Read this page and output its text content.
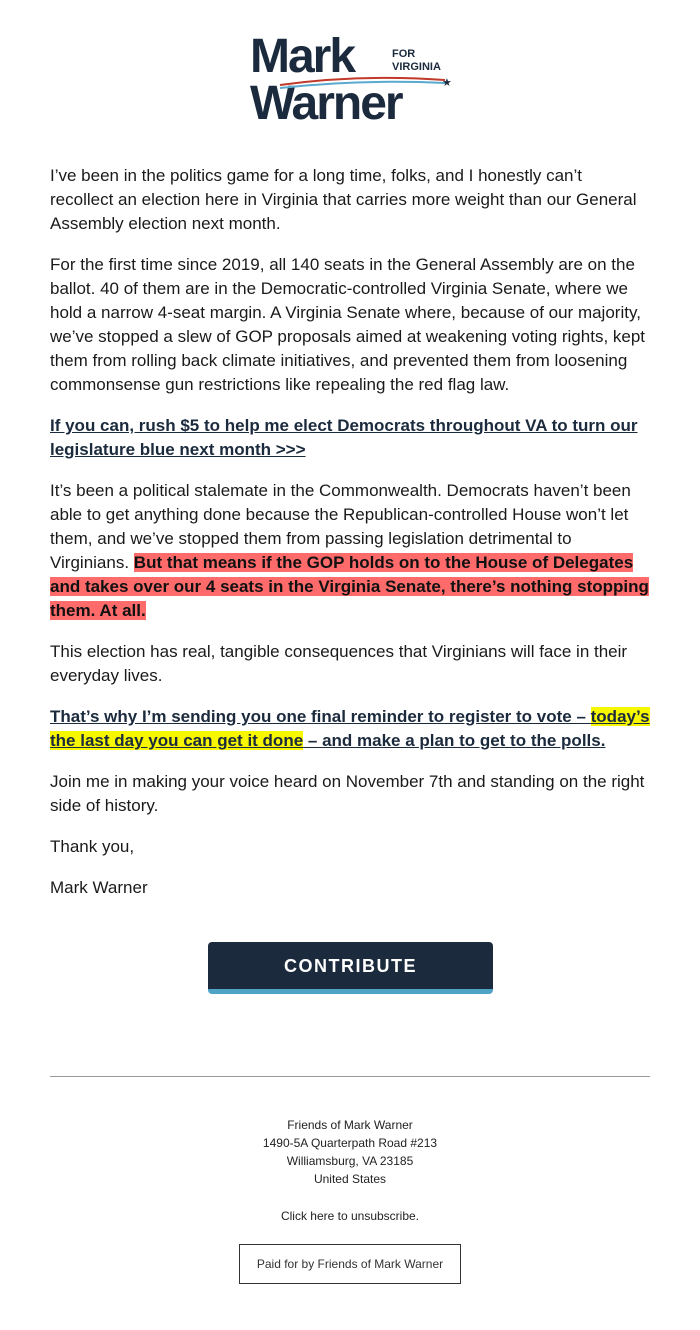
Mark
Warner
FOR
VIRGINIA
★

I’ve been in the politics game for a long time, folks, and I honestly can’t recollect an election here in Virginia that carries more weight than our General Assembly election next month.

For the first time since 2019, all 140 seats in the General Assembly are on the ballot. 40 of them are in the Democratic-controlled Virginia Senate, where we hold a narrow 4-seat margin. A Virginia Senate where, because of our majority, we’ve stopped a slew of GOP proposals aimed at weakening voting rights, kept them from rolling back climate initiatives, and prevented them from loosening commonsense gun restrictions like repealing the red flag law.

If you can, rush $5 to help me elect Democrats throughout VA to turn our legislature blue next month >>>

It’s been a political stalemate in the Commonwealth. Democrats haven’t been able to get anything done because the Republican-controlled House won’t let them, and we’ve stopped them from passing legislation detrimental to Virginians. But that means if the GOP holds on to the House of Delegates and takes over our 4 seats in the Virginia Senate, there’s nothing stopping them. At all.

This election has real, tangible consequences that Virginians will face in their everyday lives.

That’s why I’m sending you one final reminder to register to vote – today’s the last day you can get it done – and make a plan to get to the polls.

Join me in making your voice heard on November 7th and standing on the right side of history.

Thank you,

Mark Warner

CONTRIBUTE
Friends of Mark Warner
1490-5A Quarterpath Road #213
Williamsburg, VA 23185
United States
Click here to unsubscribe.
Paid for by Friends of Mark Warner
